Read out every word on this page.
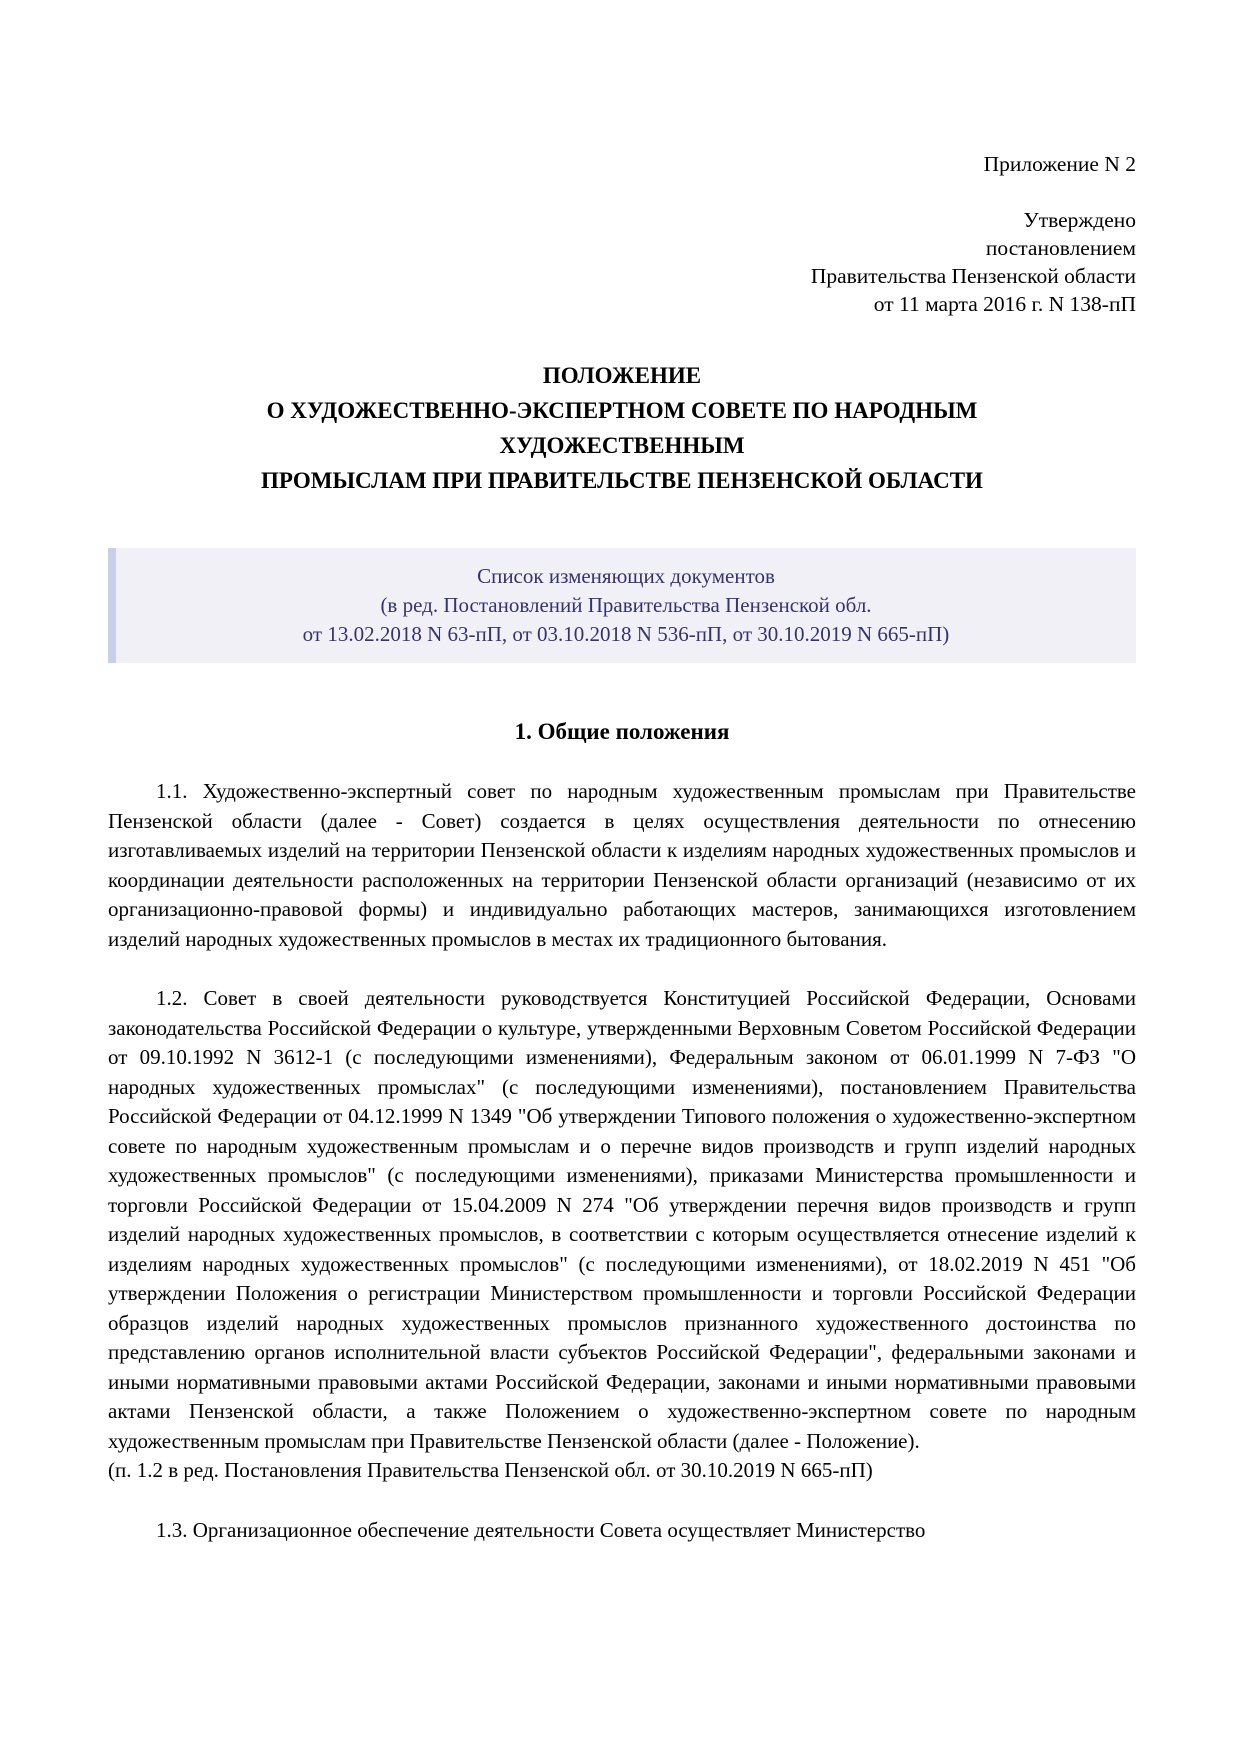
Приложение N 2
Утверждено
постановлением
Правительства Пензенской области
от 11 марта 2016 г. N 138-пП
ПОЛОЖЕНИЕ
О ХУДОЖЕСТВЕННО-ЭКСПЕРТНОМ СОВЕТЕ ПО НАРОДНЫМ
ХУДОЖЕСТВЕННЫМ
ПРОМЫСЛАМ ПРИ ПРАВИТЕЛЬСТВЕ ПЕНЗЕНСКОЙ ОБЛАСТИ
Список изменяющих документов
(в ред. Постановлений Правительства Пензенской обл.
от 13.02.2018 N 63-пП, от 03.10.2018 N 536-пП, от 30.10.2019 N 665-пП)
1. Общие положения

1.1. Художественно-экспертный совет по народным художественным промыслам при Правительстве Пензенской области (далее - Совет) создается в целях осуществления деятельности по отнесению изготавливаемых изделий на территории Пензенской области к изделиям народных художественных промыслов и координации деятельности расположенных на территории Пензенской области организаций (независимо от их организационно-правовой формы) и индивидуально работающих мастеров, занимающихся изготовлением изделий народных художественных промыслов в местах их традиционного бытования.

1.2. Совет в своей деятельности руководствуется Конституцией Российской Федерации, Основами законодательства Российской Федерации о культуре, утвержденными Верховным Советом Российской Федерации от 09.10.1992 N 3612-1 (с последующими изменениями), Федеральным законом от 06.01.1999 N 7-ФЗ "О народных художественных промыслах" (с последующими изменениями), постановлением Правительства Российской Федерации от 04.12.1999 N 1349 "Об утверждении Типового положения о художественно-экспертном совете по народным художественным промыслам и о перечне видов производств и групп изделий народных художественных промыслов" (с последующими изменениями), приказами Министерства промышленности и торговли Российской Федерации от 15.04.2009 N 274 "Об утверждении перечня видов производств и групп изделий народных художественных промыслов, в соответствии с которым осуществляется отнесение изделий к изделиям народных художественных промыслов" (с последующими изменениями), от 18.02.2019 N 451 "Об утверждении Положения о регистрации Министерством промышленности и торговли Российской Федерации образцов изделий народных художественных промыслов признанного художественного достоинства по представлению органов исполнительной власти субъектов Российской Федерации", федеральными законами и иными нормативными правовыми актами Российской Федерации, законами и иными нормативными правовыми актами Пензенской области, а также Положением о художественно-экспертном совете по народным художественным промыслам при Правительстве Пензенской области (далее - Положение).

(п. 1.2 в ред. Постановления Правительства Пензенской обл. от 30.10.2019 N 665-пП)

1.3. Организационное обеспечение деятельности Совета осуществляет Министерство
